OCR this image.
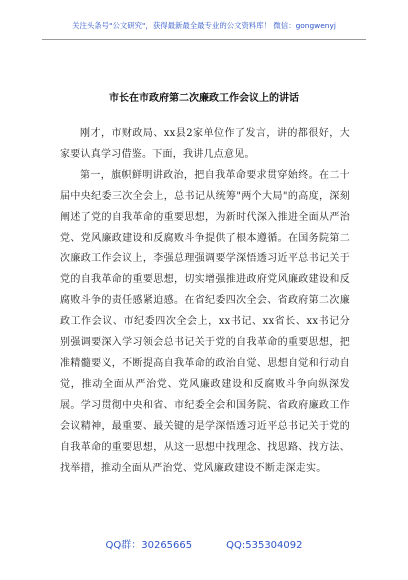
关注头条号"公文研究"，获得最新最全最专业的公文资料库！ 微信：gongwenyj
市长在市政府第二次廉政工作会议上的讲话

刚才，市财政局、xx县2家单位作了发言，讲的都很好，大家要认真学习借鉴。下面，我讲几点意见。

第一，旗帜鲜明讲政治，把自我革命要求贯穿始终。在二十届中央纪委三次全会上，总书记从统筹"两个大局"的高度，深刻阐述了党的自我革命的重要思想，为新时代深入推进全面从严治党、党风廉政建设和反腐败斗争提供了根本遵循。在国务院第二次廉政工作会议上，李强总理强调要学深悟透习近平总书记关于党的自我革命的重要思想，切实增强推进政府党风廉政建设和反腐败斗争的责任感紧迫感。在省纪委四次全会、省政府第二次廉政工作会议、市纪委四次全会上，xx书记、xx省长、xx书记分别强调要深入学习领会总书记关于党的自我革命的重要思想，把准精髓要义，不断提高自我革命的政治自觉、思想自觉和行动自觉，推动全面从严治党、党风廉政建设和反腐败斗争向纵深发展。学习贯彻中央和省、市纪委全会和国务院、省政府廉政工作会议精神，最重要、最关键的是学深悟透习近平总书记关于党的自我革命的重要思想，从这一思想中找理念、找思路、找方法、找举措，推动全面从严治党、党风廉政建设不断走深走实。

QQ群：30265665	QQ:535304092
